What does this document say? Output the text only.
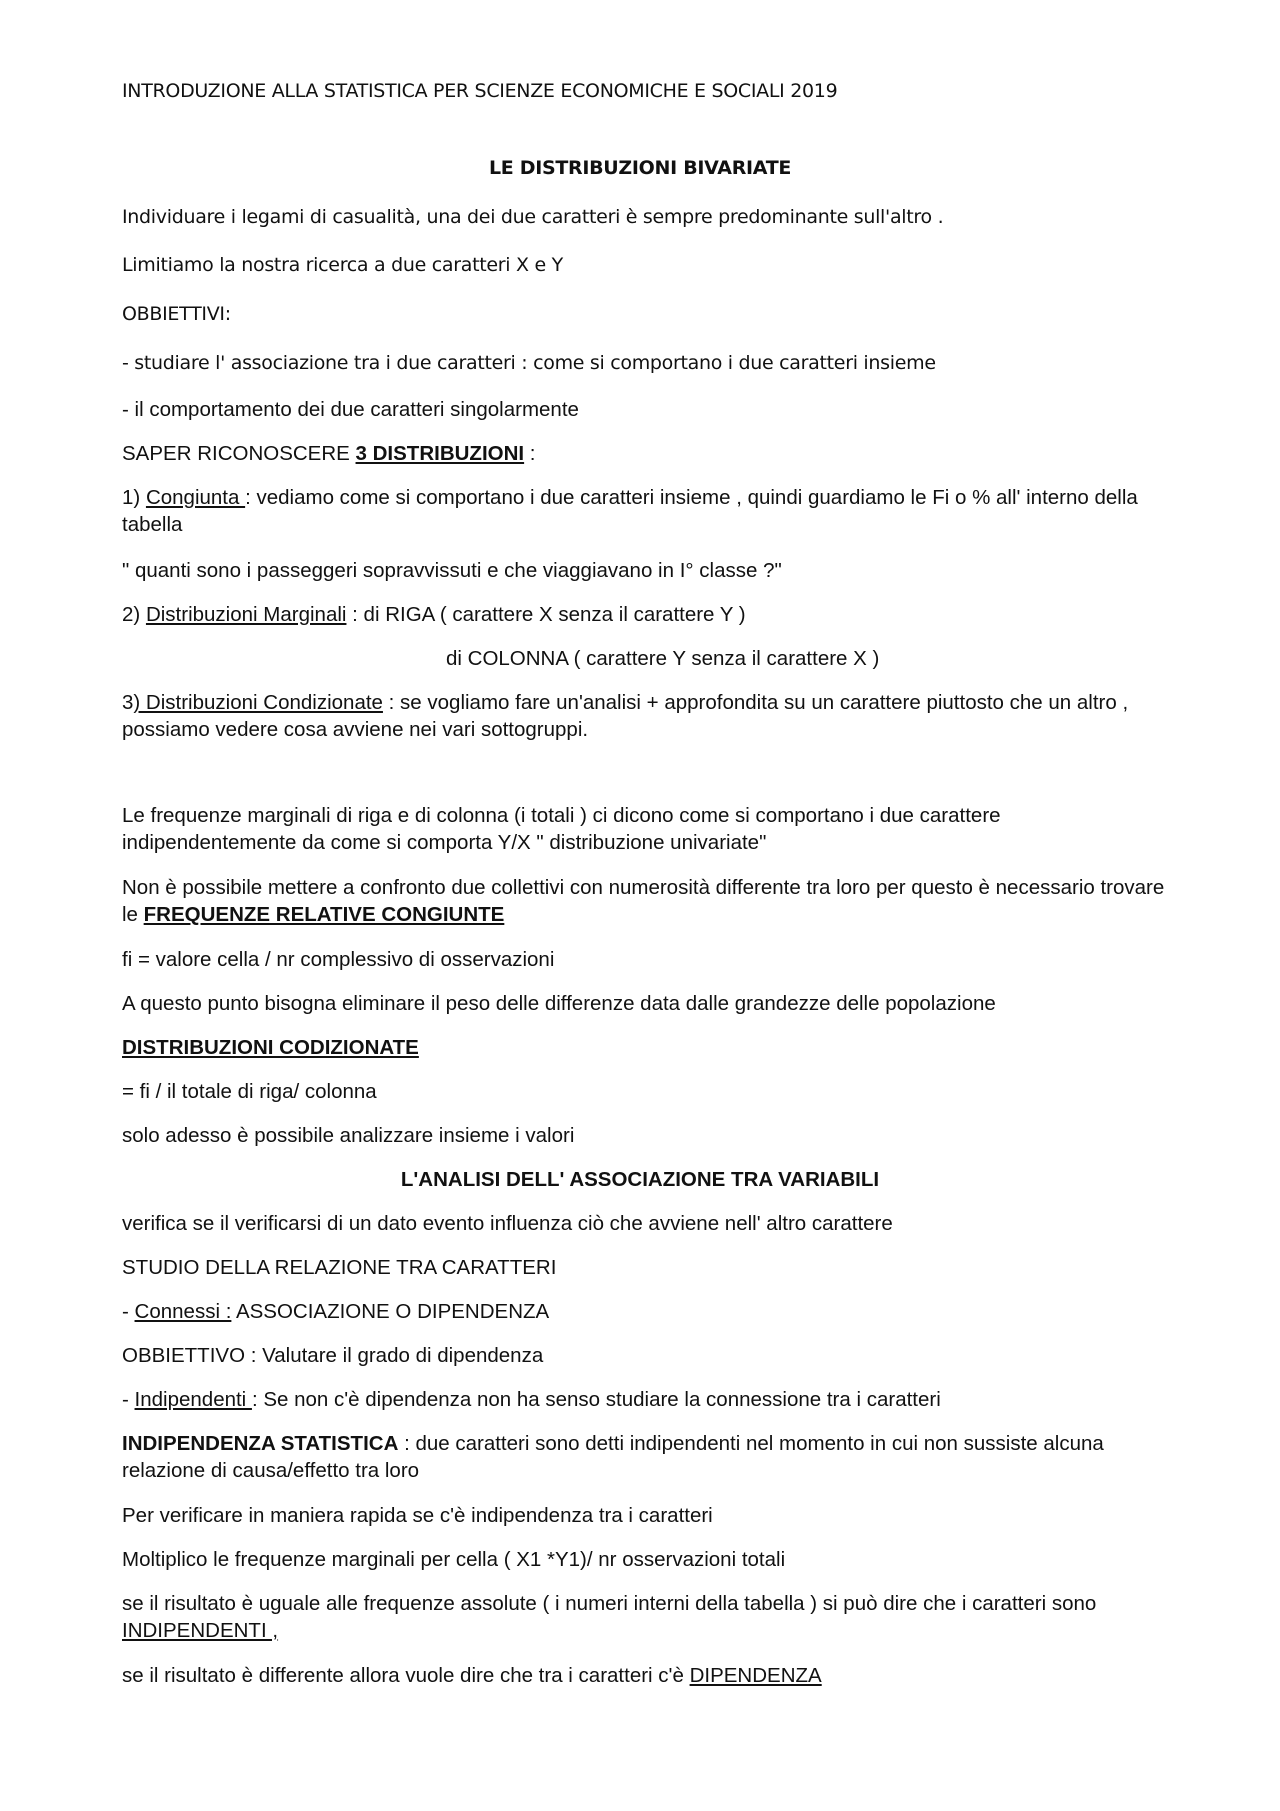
INTRODUZIONE ALLA STATISTICA PER SCIENZE ECONOMICHE E SOCIALI 2019

LE DISTRIBUZIONI BIVARIATE

Individuare i legami di casualità, una dei due caratteri è sempre predominante sull'altro .

Limitiamo la nostra ricerca a due caratteri X e Y

OBBIETTIVI:

- studiare l' associazione tra i due caratteri : come si comportano i due caratteri insieme

- il comportamento dei due caratteri singolarmente

SAPER RICONOSCERE 3 DISTRIBUZIONI :

1) Congiunta : vediamo come si comportano i due caratteri insieme , quindi guardiamo le Fi o % all' interno della tabella

" quanti sono i passeggeri sopravvissuti e che viaggiavano in I° classe ?"

2) Distribuzioni Marginali : di RIGA ( carattere X senza il carattere Y )

di COLONNA ( carattere Y senza il carattere X )

3) Distribuzioni Condizionate : se vogliamo fare un'analisi + approfondita su un carattere piuttosto che un altro , possiamo vedere cosa avviene nei vari sottogruppi.

Le frequenze marginali di riga e di colonna (i totali ) ci dicono come si comportano i due carattere indipendentemente da come si comporta Y/X " distribuzione univariate"

Non è possibile mettere a confronto due collettivi con numerosità differente tra loro per questo è necessario trovare le FREQUENZE RELATIVE CONGIUNTE

fi = valore cella / nr complessivo di osservazioni

A questo punto bisogna eliminare il peso delle differenze data dalle grandezze delle popolazione

DISTRIBUZIONI CODIZIONATE

= fi / il totale di riga/ colonna

solo adesso è possibile analizzare insieme i valori

L'ANALISI DELL' ASSOCIAZIONE TRA VARIABILI

verifica se il verificarsi di un dato evento influenza ciò che avviene nell' altro carattere

STUDIO DELLA RELAZIONE TRA CARATTERI

- Connessi : ASSOCIAZIONE O DIPENDENZA

OBBIETTIVO : Valutare il grado di dipendenza

- Indipendenti : Se non c'è dipendenza non ha senso studiare la connessione tra i caratteri

INDIPENDENZA STATISTICA : due caratteri sono detti indipendenti nel momento in cui non sussiste alcuna relazione di causa/effetto tra loro

Per verificare in maniera rapida se c'è indipendenza tra i caratteri

Moltiplico le frequenze marginali per cella ( X1 *Y1)/ nr osservazioni totali

se il risultato è uguale alle frequenze assolute ( i numeri interni della tabella ) si può dire che i caratteri sono INDIPENDENTI ,

se il risultato è differente allora vuole dire che tra i caratteri c'è DIPENDENZA
